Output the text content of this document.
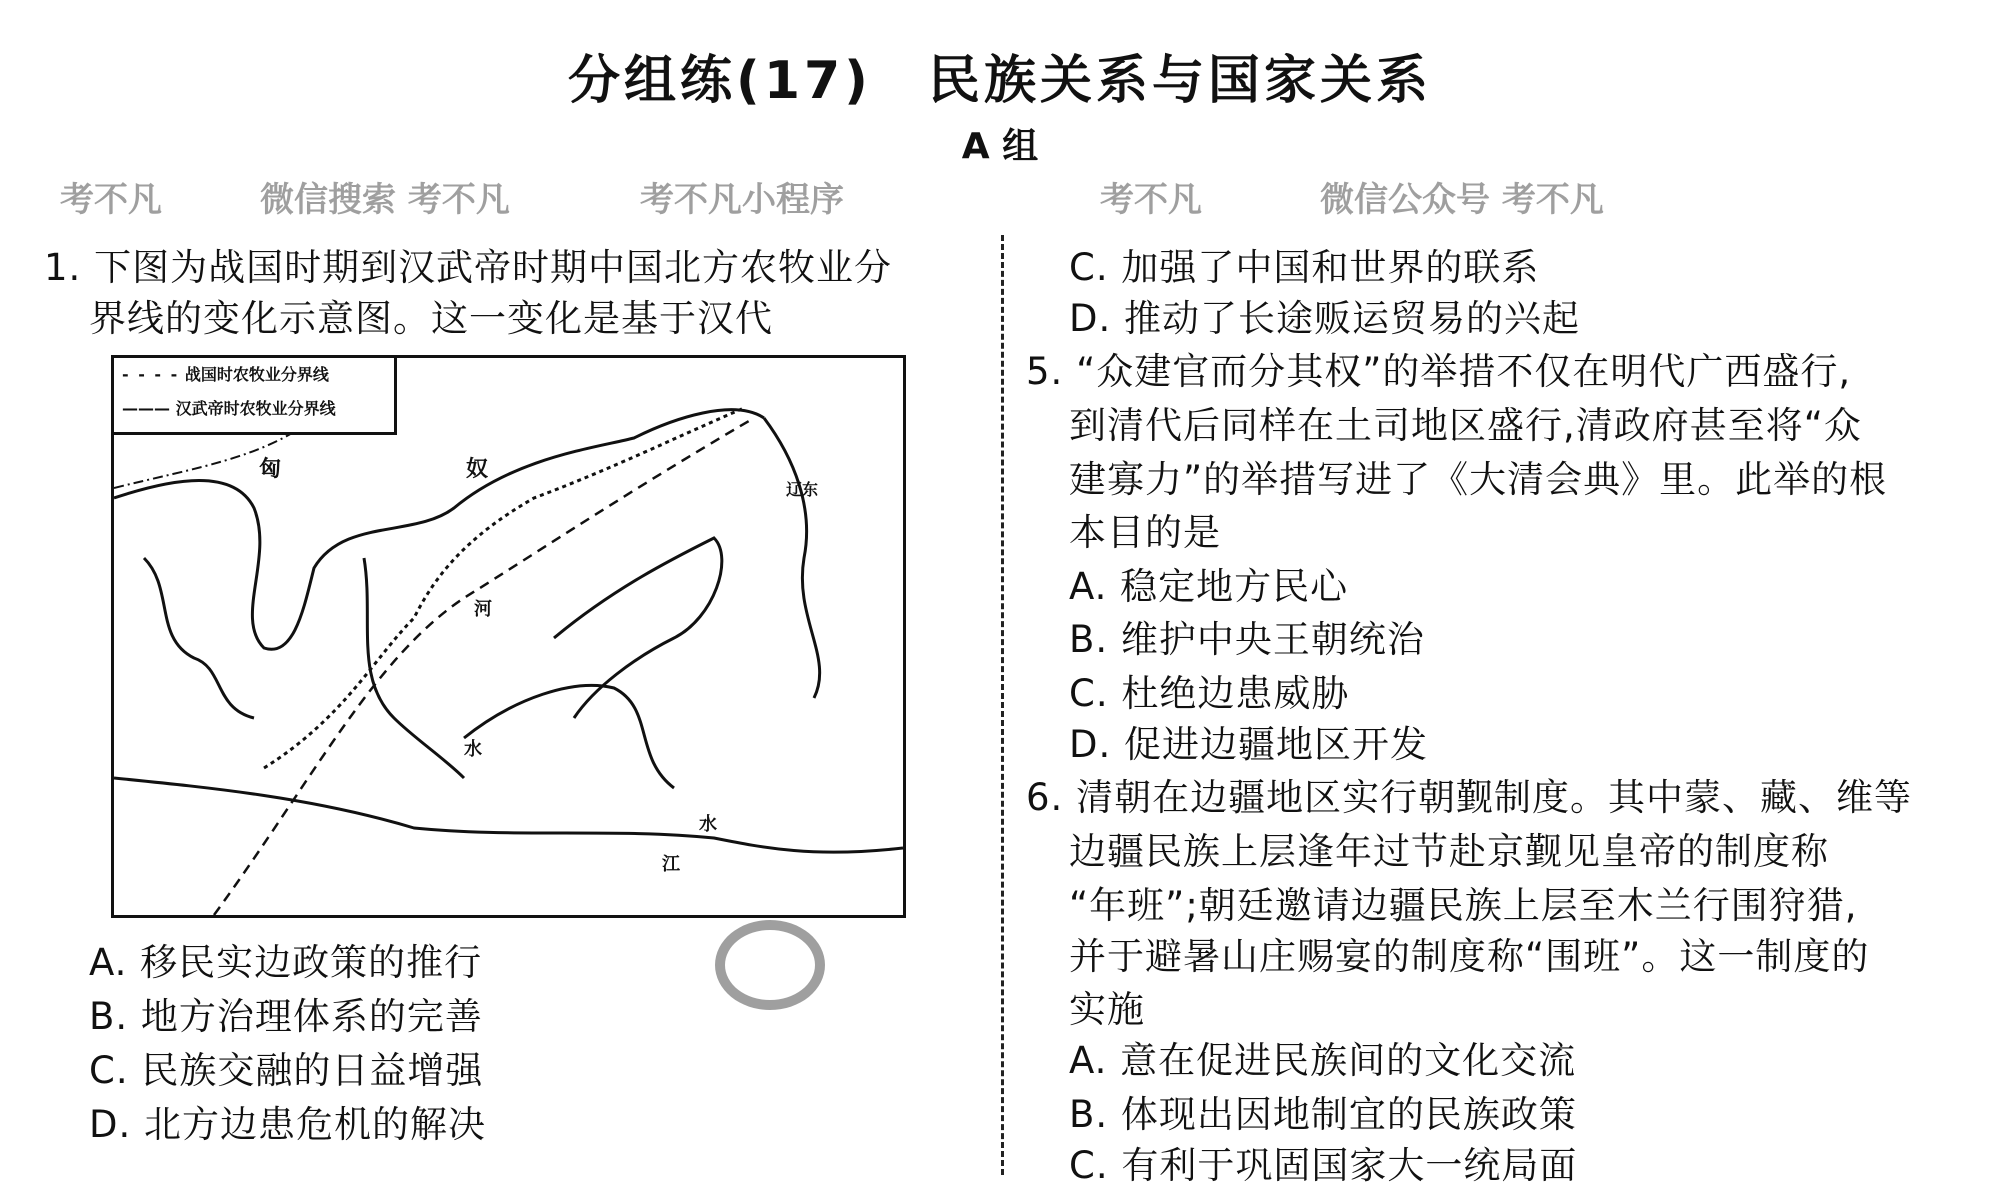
分组练(17)　民族关系与国家关系
A 组
1. 下图为战国时期到汉武帝时期中国北方农牧业分
界线的变化示意图。这一变化是基于汉代
- - - - 战国时农牧业分界线
——— 汉武帝时农牧业分界线
匈	奴
辽东
河
水
江
水
A. 移民实边政策的推行
B. 地方治理体系的完善
C. 民族交融的日益增强
D. 北方边患危机的解决
C. 加强了中国和世界的联系
D. 推动了长途贩运贸易的兴起
5. “众建官而分其权”的举措不仅在明代广西盛行,
到清代后同样在土司地区盛行,清政府甚至将“众
建寡力”的举措写进了《大清会典》里。此举的根
本目的是
A. 稳定地方民心
B. 维护中央王朝统治
C. 杜绝边患威胁
D. 促进边疆地区开发
6. 清朝在边疆地区实行朝觐制度。其中蒙、藏、维等
边疆民族上层逢年过节赴京觐见皇帝的制度称
“年班”;朝廷邀请边疆民族上层至木兰行围狩猎,
并于避暑山庄赐宴的制度称“围班”。这一制度的
实施
A. 意在促进民族间的文化交流
B. 体现出因地制宜的民族政策
C. 有利于巩固国家大一统局面
考不凡	微信搜索 考不凡	考不凡小程序	考不凡	微信公众号 考不凡
